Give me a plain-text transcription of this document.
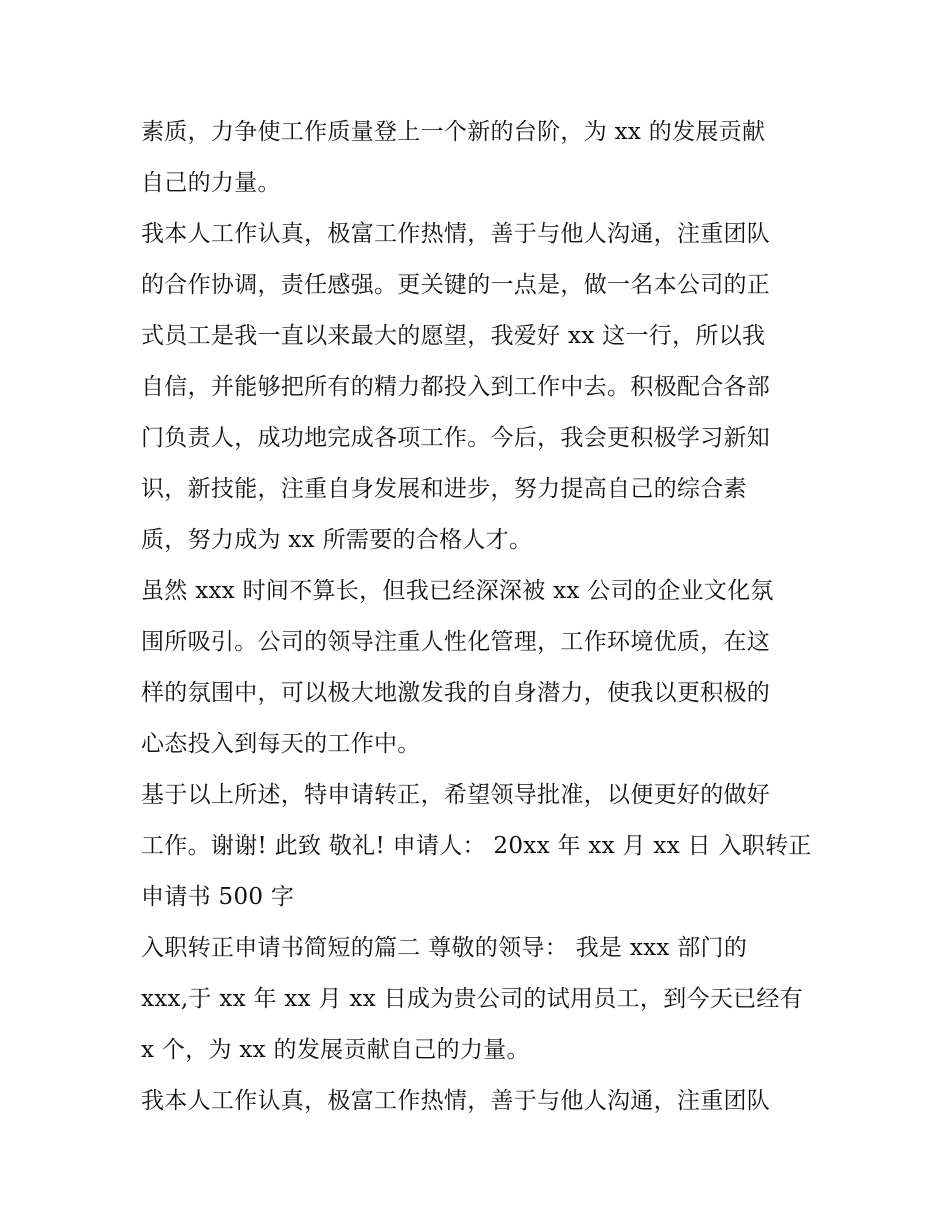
素质，力争使工作质量登上一个新的台阶，为 xx 的发展贡献
自己的力量。
我本人工作认真，极富工作热情，善于与他人沟通，注重团队
的合作协调，责任感强。更关键的一点是，做一名本公司的正
式员工是我一直以来最大的愿望，我爱好 xx 这一行，所以我
自信，并能够把所有的精力都投入到工作中去。积极配合各部
门负责人，成功地完成各项工作。今后，我会更积极学习新知
识，新技能，注重自身发展和进步，努力提高自己的综合素
质，努力成为 xx 所需要的合格人才。
虽然 xxx 时间不算长，但我已经深深被 xx 公司的企业文化氛
围所吸引。公司的领导注重人性化管理，工作环境优质，在这
样的氛围中，可以极大地激发我的自身潜力，使我以更积极的
心态投入到每天的工作中。
基于以上所述，特申请转正，希望领导批准，以便更好的做好
工作。谢谢! 此致 敬礼! 申请人： 20xx 年 xx 月 xx 日 入职转正
申请书 500 字
入职转正申请书简短的篇二 尊敬的领导： 我是 xxx 部门的
xxx,于 xx 年 xx 月 xx 日成为贵公司的试用员工，到今天已经有
x 个，为 xx 的发展贡献自己的力量。
我本人工作认真，极富工作热情，善于与他人沟通，注重团队
